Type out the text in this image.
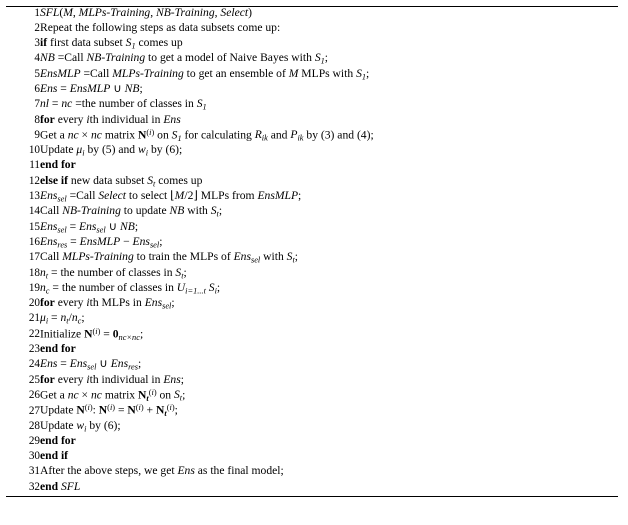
1	SFL(M, MLPs-Training, NB-Training, Select)
2	Repeat the following steps as data subsets come up:
3	if first data subset $S_1$ comes up
4	NB =Call NB-Training to get a model of Naive Bayes with $S_1$;
5	EnsMLP =Call MLPs-Training to get an ensemble of M MLPs with $S_1$;
6	Ens = EnsMLP ∪ NB;
7	nl = nc =the number of classes in $S_1$
8	for every ith individual in Ens
9	Get a nc × nc matrix $N^{(i)}$ on $S_1$ for calculating $R_{ik}$ and $P_{ik}$ by (3) and (4);
10	Update $\mu_i$ by (5) and $w_i$ by (6);
11	end for
12	else if new data subset $S_t$ comes up
13	Ens$_{sel}$ =Call Select to select ⌊M/2⌋ MLPs from EnsMLP;
14	Call NB-Training to update NB with $S_t$;
15	Ens$_{sel}$ = Ens$_{sel}$ ∪ NB;
16	Ens$_{res}$ = EnsMLP − Ens$_{sel}$;
17	Call MLPs-Training to train the MLPs of Ens$_{sel}$ with $S_t$;
18	$n_t$ = the number of classes in $S_t$;
19	$n_c$ = the number of classes in $U_{i=1...t}$ $S_i$;
20	for every ith MLPs in Ens$_{sel}$;
21	$\mu_i = n_t/n_c$;
22	Initialize $N^{(i)} = 0_{nc\times nc}$;
23	end for
24	Ens = Ens$_{sel}$ ∪ Ens$_{res}$;
25	for every ith individual in Ens;
26	Get a nc × nc matrix $N_t^{(i)}$ on $S_t$;
27	Update $N^{(i)}$: $N^{(i)} = N^{(i)} + N_t^{(i)}$;
28	Update $w_i$ by (6);
29	end for
30	end if
31	After the above steps, we get Ens as the final model;
32	end SFL
